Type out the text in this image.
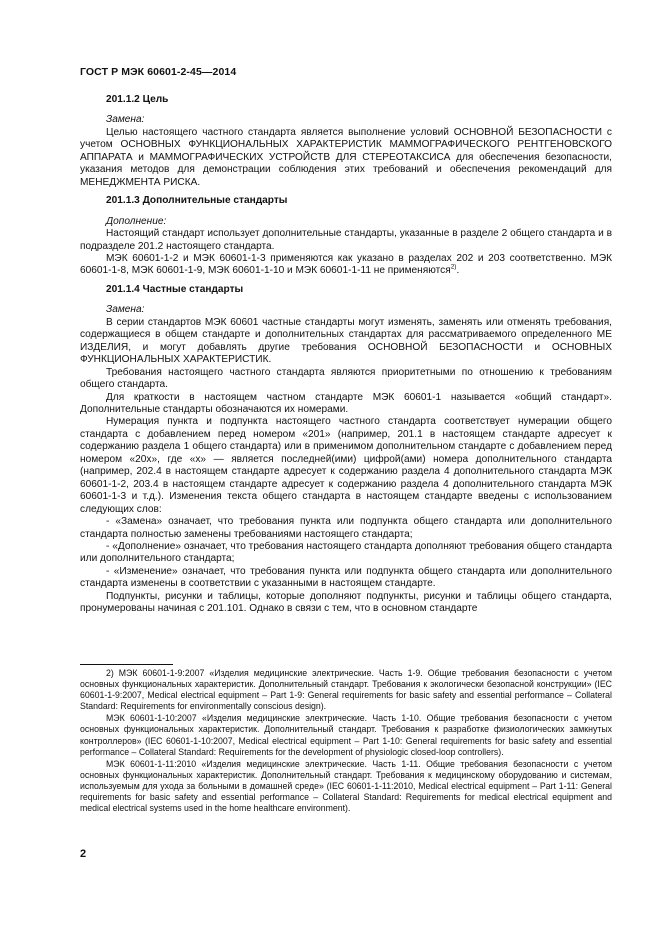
ГОСТ Р МЭК 60601-2-45—2014

201.1.2 Цель

Замена:

Целью настоящего частного стандарта является выполнение условий ОСНОВНОЙ БЕЗОПАСНОСТИ с учетом ОСНОВНЫХ ФУНКЦИОНАЛЬНЫХ ХАРАКТЕРИСТИК МАММОГРАФИЧЕСКОГО РЕНТГЕНОВСКОГО АППАРАТА и МАММОГРАФИЧЕСКИХ УСТРОЙСТВ ДЛЯ СТЕРЕОТАКСИСА для обеспечения безопасности, указания методов для демонстрации соблюдения этих требований и обеспечения рекомендаций для МЕНЕДЖМЕНТА РИСКА.

201.1.3 Дополнительные стандарты

Дополнение:

Настоящий стандарт использует дополнительные стандарты, указанные в разделе 2 общего стандарта и в подразделе 201.2 настоящего стандарта.

МЭК 60601-1-2 и МЭК 60601-1-3 применяются как указано в разделах 202 и 203 соответственно. МЭК 60601-1-8, МЭК 60601-1-9, МЭК 60601-1-10 и МЭК 60601-1-11 не применяются$^{2)}$.

201.1.4 Частные стандарты

Замена:

В серии стандартов МЭК 60601 частные стандарты могут изменять, заменять или отменять требования, содержащиеся в общем стандарте и дополнительных стандартах для рассматриваемого определенного МЕ ИЗДЕЛИЯ, и могут добавлять другие требования ОСНОВНОЙ БЕЗОПАСНОСТИ и ОСНОВНЫХ ФУНКЦИОНАЛЬНЫХ ХАРАКТЕРИСТИК.

Требования настоящего частного стандарта являются приоритетными по отношению к требованиям общего стандарта.

Для краткости в настоящем частном стандарте МЭК 60601-1 называется «общий стандарт». Дополнительные стандарты обозначаются их номерами.

Нумерация пункта и подпункта настоящего частного стандарта соответствует нумерации общего стандарта с добавлением перед номером «201» (например, 201.1 в настоящем стандарте адресует к содержанию раздела 1 общего стандарта) или в применимом дополнительном стандарте с добавлением перед номером «20x», где «x» — является последней(ими) цифрой(ами) номера дополнительного стандарта (например, 202.4 в настоящем стандарте адресует к содержанию раздела 4 дополнительного стандарта МЭК 60601-1-2, 203.4 в настоящем стандарте адресует к содержанию раздела 4 дополнительного стандарта МЭК 60601-1-3 и т.д.). Изменения текста общего стандарта в настоящем стандарте введены с использованием следующих слов:

- «Замена» означает, что требования пункта или подпункта общего стандарта или дополнительного стандарта полностью заменены требованиями настоящего стандарта;

- «Дополнение» означает, что требования настоящего стандарта дополняют требования общего стандарта или дополнительного стандарта;

- «Изменение» означает, что требования пункта или подпункта общего стандарта или дополнительного стандарта изменены в соответствии с указанными в настоящем стандарте.

Подпункты, рисунки и таблицы, которые дополняют подпункты, рисунки и таблицы общего стандарта, пронумерованы начиная с 201.101. Однако в связи с тем, что в основном стандарте

2) МЭК 60601-1-9:2007 «Изделия медицинские электрические. Часть 1-9. Общие требования безопасности с учетом основных функциональных характеристик. Дополнительный стандарт. Требования к экологически безопасной конструкции» (IEC 60601-1-9:2007, Medical electrical equipment – Part 1-9: General requirements for basic safety and essential performance – Collateral Standard: Requirements for environmentally conscious design).

МЭК 60601-1-10:2007 «Изделия медицинские электрические. Часть 1-10. Общие требования безопасности с учетом основных функциональных характеристик. Дополнительный стандарт. Требования к разработке физиологических замкнутых контроллеров» (IEC 60601-1-10:2007, Medical electrical equipment – Part 1-10: General requirements for basic safety and essential performance – Collateral Standard: Requirements for the development of physiologic closed-loop controllers).

МЭК 60601-1-11:2010 «Изделия медицинские электрические. Часть 1-11. Общие требования безопасности с учетом основных функциональных характеристик. Дополнительный стандарт. Требования к медицинскому оборудованию и системам, используемым для ухода за больными в домашней среде» (IEC 60601-1-11:2010, Medical electrical equipment – Part 1-11: General requirements for basic safety and essential performance – Collateral Standard: Requirements for medical electrical equipment and medical electrical systems used in the home healthcare environment).

2
